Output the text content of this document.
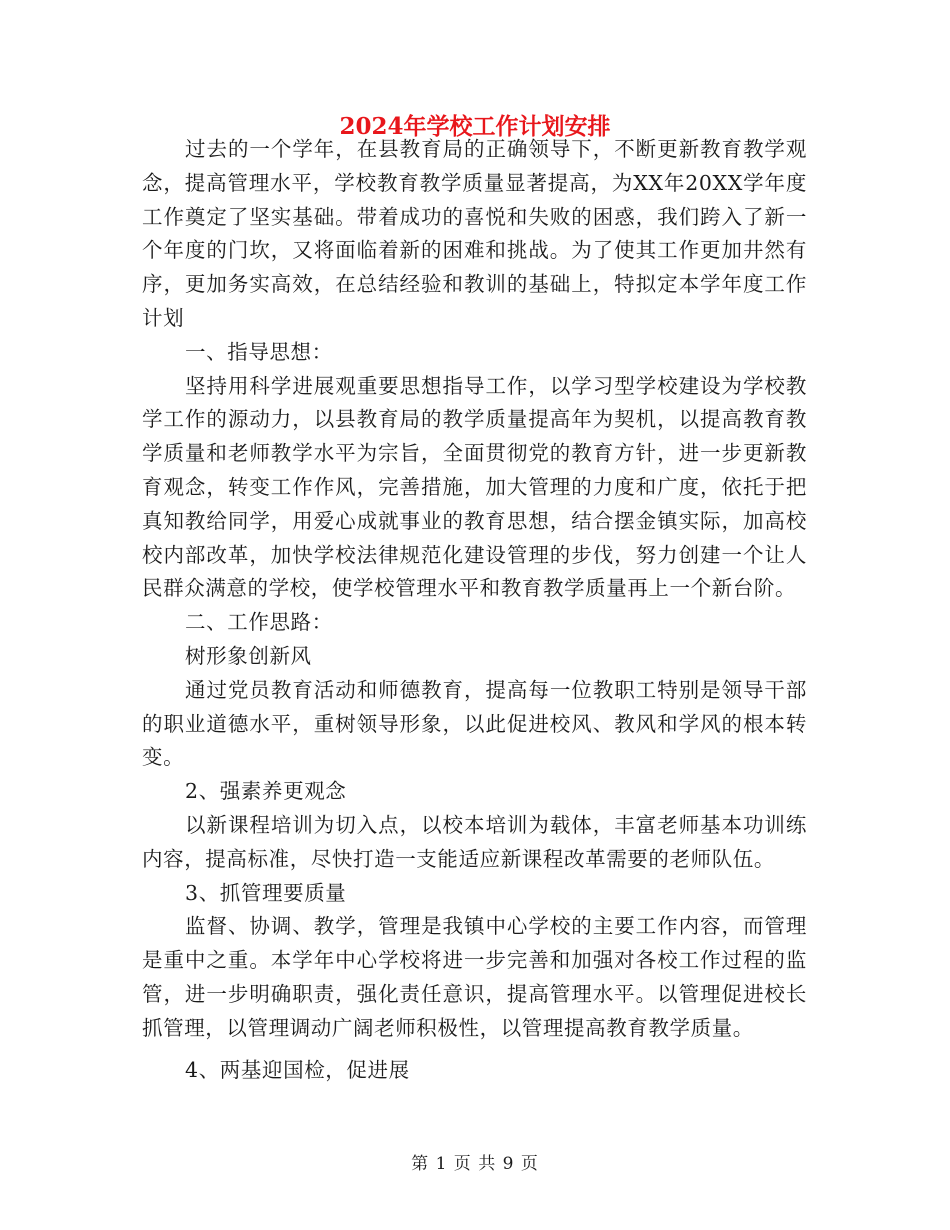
2024年学校工作计划安排

过去的一个学年，在县教育局的正确领导下，不断更新教育教学观念，提高管理水平，学校教育教学质量显著提高，为XX年20XX学年度工作奠定了坚实基础。带着成功的喜悦和失败的困惑，我们跨入了新一个年度的门坎，又将面临着新的困难和挑战。为了使其工作更加井然有序，更加务实高效，在总结经验和教训的基础上，特拟定本学年度工作计划

一、指导思想：

坚持用科学进展观重要思想指导工作，以学习型学校建设为学校教学工作的源动力，以县教育局的教学质量提高年为契机，以提高教育教学质量和老师教学水平为宗旨，全面贯彻党的教育方针，进一步更新教育观念，转变工作作风，完善措施，加大管理的力度和广度，依托于把真知教给同学，用爱心成就事业的教育思想，结合摆金镇实际，加高校校内部改革，加快学校法律规范化建设管理的步伐，努力创建一个让人民群众满意的学校，使学校管理水平和教育教学质量再上一个新台阶。

二、工作思路：

树形象创新风

通过党员教育活动和师德教育，提高每一位教职工特别是领导干部的职业道德水平，重树领导形象，以此促进校风、教风和学风的根本转变。

2、强素养更观念

以新课程培训为切入点，以校本培训为载体，丰富老师基本功训练内容，提高标准，尽快打造一支能适应新课程改革需要的老师队伍。

3、抓管理要质量

监督、协调、教学，管理是我镇中心学校的主要工作内容，而管理是重中之重。本学年中心学校将进一步完善和加强对各校工作过程的监管，进一步明确职责，强化责任意识，提高管理水平。以管理促进校长抓管理，以管理调动广阔老师积极性，以管理提高教育教学质量。

4、两基迎国检，促进展

第 1 页 共 9 页
